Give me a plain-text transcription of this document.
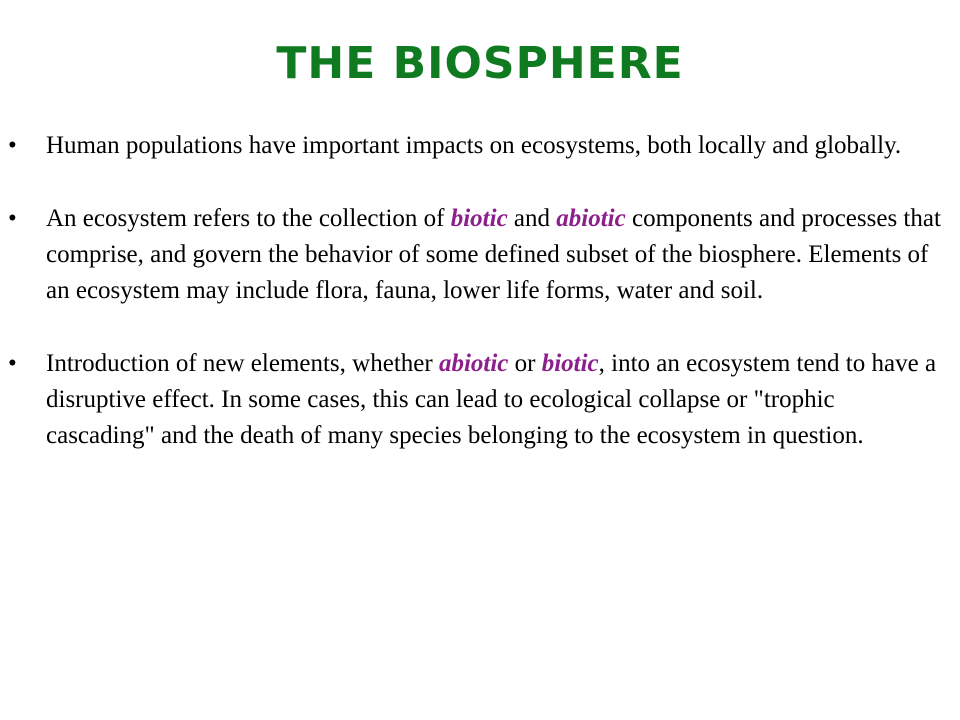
THE BIOSPHERE
•	Human populations have important impacts on ecosystems, both locally and globally.
•	An ecosystem refers to the collection of biotic and abiotic components and processes that comprise, and govern the behavior of some defined subset of the biosphere. Elements of an ecosystem may include flora, fauna, lower life forms, water and soil.
•	Introduction of new elements, whether abiotic or biotic, into an ecosystem tend to have a disruptive effect. In some cases, this can lead to ecological collapse or "trophic cascading" and the death of many species belonging to the ecosystem in question.
